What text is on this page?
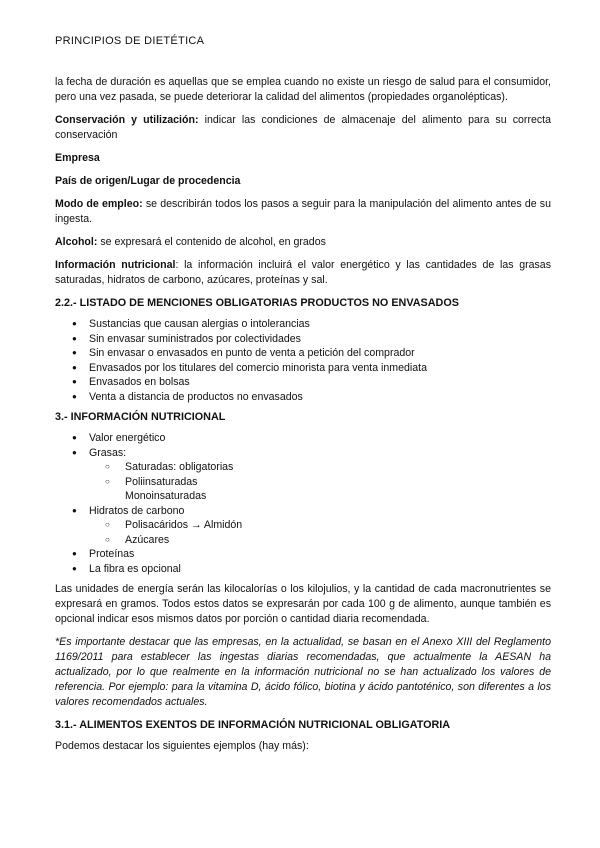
PRINCIPIOS DE DIETÉTICA

la fecha de duración es aquellas que se emplea cuando no existe un riesgo de salud para el consumidor, pero una vez pasada, se puede deteriorar la calidad del alimentos (propiedades organolépticas).

Conservación y utilización: indicar las condiciones de almacenaje del alimento para su correcta conservación

Empresa

País de origen/Lugar de procedencia

Modo de empleo: se describirán todos los pasos a seguir para la manipulación del alimento antes de su ingesta.

Alcohol: se expresará el contenido de alcohol, en grados

Información nutricional: la información incluirá el valor energético y las cantidades de las grasas saturadas, hidratos de carbono, azúcares, proteínas y sal.

2.2.- LISTADO DE MENCIONES OBLIGATORIAS PRODUCTOS NO ENVASADOS
● Sustancias que causan alergias o intolerancias
● Sin envasar suministrados por colectividades
● Sin envasar o envasados en punto de venta a petición del comprador
● Envasados por los titulares del comercio minorista para venta inmediata
● Envasados en bolsas
● Venta a distancia de productos no envasados
3.- INFORMACIÓN NUTRICIONAL
● Valor energético
● Grasas:
○ Saturadas: obligatorias
○ Poliinsaturadas
Monoinsaturadas
● Hidratos de carbono
○ Polisacáridos → Almidón
○ Azúcares
● Proteínas
● La fibra es opcional

Las unidades de energía serán las kilocalorías o los kilojulios, y la cantidad de cada macronutrientes se expresará en gramos. Todos estos datos se expresarán por cada 100 g de alimento, aunque también es opcional indicar esos mismos datos por porción o cantidad diaria recomendada.

*Es importante destacar que las empresas, en la actualidad, se basan en el Anexo XIII del Reglamento 1169/2011 para establecer las ingestas diarias recomendadas, que actualmente la AESAN ha actualizado, por lo que realmente en la información nutricional no se han actualizado los valores de referencia. Por ejemplo: para la vitamina D, ácido fólico, biotina y ácido pantoténico, son diferentes a los valores recomendados actuales.

3.1.- ALIMENTOS EXENTOS DE INFORMACIÓN NUTRICIONAL OBLIGATORIA

Podemos destacar los siguientes ejemplos (hay más):
